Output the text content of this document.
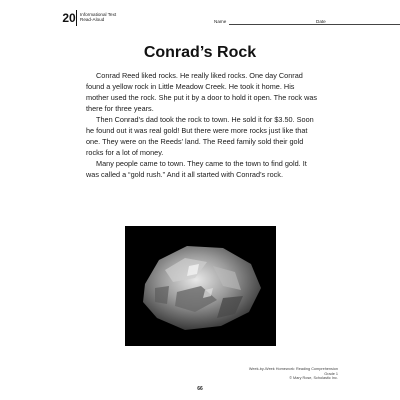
20 Informational Text
Read-Aloud	Name	Date
Conrad’s Rock

Conrad Reed liked rocks. He really liked rocks. One day Conrad found a yellow rock in Little Meadow Creek. He took it home. His mother used the rock. She put it by a door to hold it open. The rock was there for three years.

Then Conrad’s dad took the rock to town. He sold it for $3.50. Soon he found out it was real gold! But there were more rocks just like that one. They were on the Reeds’ land. The Reed family sold their gold rocks for a lot of money.

Many people came to town. They came to the town to find gold. It was called a “gold rush.” And it all started with Conrad’s rock.

Week-by-Week Homework: Reading Comprehension Grade 1
© Mary Rose, Scholastic Inc.
66
